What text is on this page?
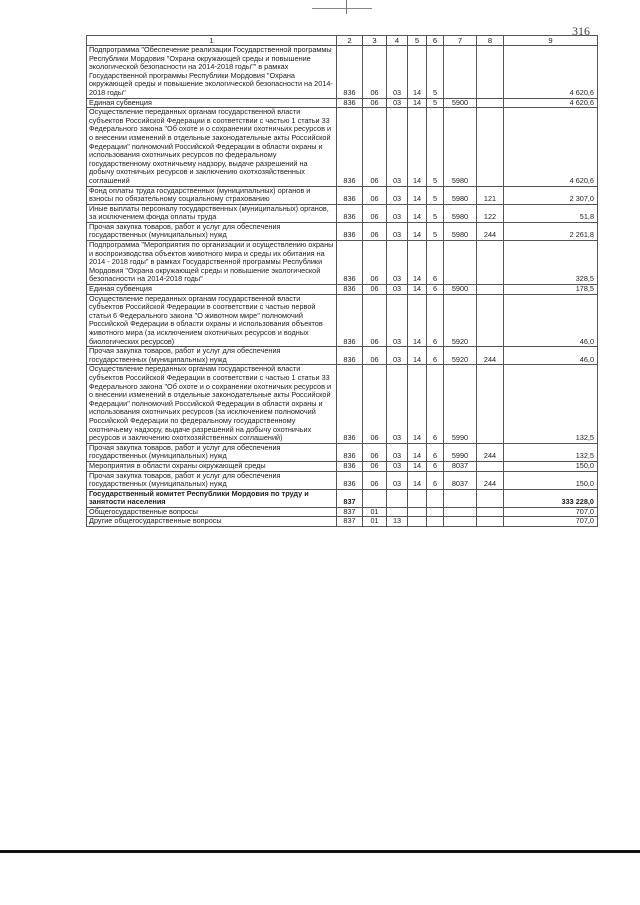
316
1	2	3	4	5	6	7	8	9
Подпрограмма "Обеспечение реализации Государственной программы Республики Мордовия "Охрана окружающей среды и повышение экологической безопасности на 2014-2018 годы"" в рамках Государственной программы Республики Мордовия "Охрана окружающей среды и повышение экологической безопасности на 2014-2018 годы"	836	06	03	14	5			4 620,6
Единая субвенция	836	06	03	14	5	5900		4 620,6
Осуществление переданных органам государственной власти субъектов Российской Федерации в соответствии с частью 1 статьи 33 Федерального закона "Об охоте и о сохранении охотничьих ресурсов и о внесении изменений в отдельные законодательные акты Российской Федерации" полномочий Российской Федерации в области охраны и использования охотничьих ресурсов по федеральному государственному охотничьему надзору, выдаче разрешений на добычу охотничьих ресурсов и заключению охотхозяйственных соглашений	836	06	03	14	5	5980		4 620,6
Фонд оплаты труда государственных (муниципальных) органов и взносы по обязательному социальному страхованию	836	06	03	14	5	5980	121	2 307,0
Иные выплаты персоналу государственных (муниципальных) органов, за исключением фонда оплаты труда	836	06	03	14	5	5980	122	51,8
Прочая закупка товаров, работ и услуг для обеспечения государственных (муниципальных) нужд	836	06	03	14	5	5980	244	2 261,8
Подпрограмма "Мероприятия по организации и осуществлению охраны и воспроизводства объектов животного мира и среды их обитания на 2014 - 2018 годы" в рамках Государственной программы Республики Мордовия "Охрана окружающей среды и повышение экологической безопасности на 2014-2018 годы"	836	06	03	14	6			328,5
Единая субвенция	836	06	03	14	6	5900		178,5
Осуществление переданных органам государственной власти субъектов Российской Федерации в соответствии с частью первой статьи 6 Федерального закона "О животном мире" полномочий Российской Федерации в области охраны и использования объектов животного мира (за исключением охотничьих ресурсов и водных биологических ресурсов)	836	06	03	14	6	5920		46,0
Прочая закупка товаров, работ и услуг для обеспечения государственных (муниципальных) нужд	836	06	03	14	6	5920	244	46,0
Осуществление переданных органам государственной власти субъектов Российской Федерации в соответствии с частью 1 статьи 33 Федерального закона "Об охоте и о сохранении охотничьих ресурсов и о внесении изменений в отдельные законодательные акты Российской Федерации" полномочий Российской Федерации в области охраны и использования охотничьих ресурсов (за исключением полномочий Российской Федерации по федеральному государственному охотничьему надзору, выдаче разрешений на добычу охотничьих ресурсов и заключению охотхозяйственных соглашений)	836	06	03	14	6	5990		132,5
Прочая закупка товаров, работ и услуг для обеспечения государственных (муниципальных) нужд	836	06	03	14	6	5990	244	132,5
Мероприятия в области охраны окружающей среды	836	06	03	14	6	8037		150,0
Прочая закупка товаров, работ и услуг для обеспечения государственных (муниципальных) нужд	836	06	03	14	6	8037	244	150,0
Государственный комитет Республики Мордовия по труду и занятости населения	837							333 228,0
Общегосударственные вопросы	837	01						707,0
Другие общегосударственные вопросы	837	01	13					707,0
